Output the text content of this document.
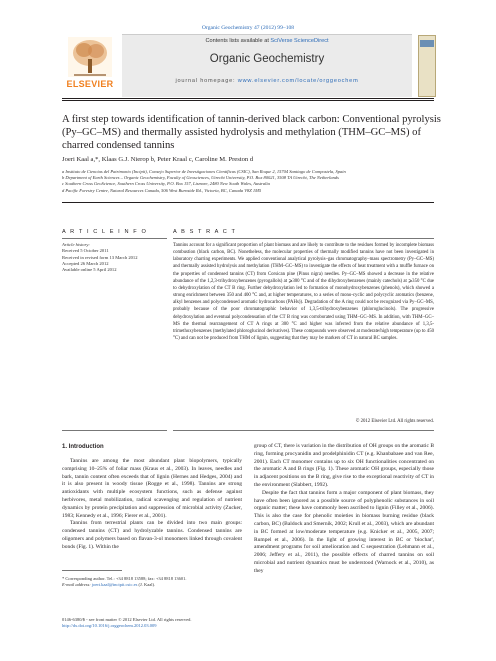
Organic Geochemistry 47 (2012) 99–108
ELSEVIER
Contents lists available at SciVerse ScienceDirect
Organic Geochemistry
journal homepage: www.elsevier.com/locate/orggeochem
A first step towards identification of tannin-derived black carbon: Conventional pyrolysis (Py–GC–MS) and thermally assisted hydrolysis and methylation (THM–GC–MS) of charred condensed tannins
Joeri Kaal a,*, Klaas G.J. Nierop b, Peter Kraal c, Caroline M. Preston d
a Instituto de Ciencias del Patrimonio (Incipit), Consejo Superior de Investigaciones Científicas (CSIC), San Roque 2, 15704 Santiago de Compostela, Spain
b Department of Earth Sciences – Organic Geochemistry, Faculty of Geosciences, Utrecht University, P.O. Box 80021, 3508 TA Utrecht, The Netherlands
c Southern Cross GeoScience, Southern Cross University, P.O. Box 157, Lismore, 2480 New South Wales, Australia
d Pacific Forestry Centre, Natural Resources Canada, 506 West Burnside Rd., Victoria, BC, Canada V8Z 1M5
A R T I C L E I N F O	A B S T R A C T
Article history:
Received 5 October 2011
Received in revised form 13 March 2012
Accepted 26 March 2012
Available online 5 April 2012
Tannins account for a significant proportion of plant biomass and are likely to contribute to the residues formed by incomplete biomass combustion (black carbon, BC). Nonetheless, the molecular properties of thermally modified tannins have not been investigated in laboratory charring experiments. We applied conventional analytical pyrolysis–gas chromatography–mass spectrometry (Py–GC–MS) and thermally assisted hydrolysis and methylation (THM–GC–MS) to investigate the effects of heat treatment with a muffle furnace on the properties of condensed tannins (CT) from Corsican pine (Pinus nigra) needles. Py–GC–MS showed a decrease in the relative abundance of the 1,2,3-trihydroxybenzenes (pyrogallols) at ⩾300 °C and of the dihydroxybenzenes (mainly catechols) at ⩾350 °C due to dehydroxylation of the CT B ring. Further dehydroxylation led to formation of monohydroxybenzenes (phenols), which showed a strong enrichment between 350 and 400 °C and, at higher temperatures, to a series of mono-cyclic and polycyclic aromatics (benzene, alkyl benzenes and polycondensed aromatic hydrocarbons (PAHs)). Degradation of the A ring could not be recognized via Py–GC–MS, probably because of the poor chromatographic behavior of 1,3,5-trihydroxybenzenes (phloroglucinols). The progressive dehydroxylation and eventual polycondensation of the CT B ring was corroborated using THM–GC–MS. In addition, with THM–GC–MS the thermal rearrangement of CT A rings at 300 °C and higher was inferred from the relative abundance of 1,3,5-trimethoxybenzenes (methylated phloroglucinol derivatives). These compounds were observed at moderate/high temperature (up to 450 °C) and can not be produced from THM of lignin, suggesting that they may be markers of CT in natural BC samples.
© 2012 Elsevier Ltd. All rights reserved.
1. Introduction

Tannins are among the most abundant plant biopolymers, typically comprising 10–25% of foliar mass (Kraus et al., 2003). In leaves, needles and bark, tannin content often exceeds that of lignin (Hernes and Hedges, 2004) and it is also present in woody tissue (Rogge et al., 1998). Tannins are strong antioxidants with multiple ecosystem functions, such as defense against herbivores, metal mobilization, radical scavenging and regulation of nutrient dynamics by protein precipitation and suppression of microbial activity (Zucker, 1983; Kennedy et al., 1996; Fierer et al., 2001).

Tannins from terrestrial plants can be divided into two main groups: condensed tannins (CT) and hydrolyzable tannins. Condensed tannins are oligomers and polymers based on flavan-3-ol monomers linked through covalent bonds (Fig. 1). Within the

group of CT, there is variation in the distribution of OH groups on the aromatic B ring, forming procyanidin and prodelphinidin CT (e.g. Khanbabaee and van Ree, 2001). Each CT monomer contains up to six OH functionalities concentrated on the aromatic A and B rings (Fig. 1). These aromatic OH groups, especially those in adjacent positions on the B ring, give rise to the exceptional reactivity of CT in the environment (Slabbert, 1992).

Despite the fact that tannins form a major component of plant biomass, they have often been ignored as a possible source of polyphenolic substances in soil organic matter; these have commonly been ascribed to lignin (Filley et al., 2006). This is also the case for phenolic moieties in biomass burning residue (black carbon, BC) (Baldock and Smernik, 2002; Krull et al., 2003), which are abundant in BC formed at low/moderate temperature (e.g. Knicker et al., 2005, 2007; Rumpel et al., 2006). In the light of growing interest in BC or 'biochar', amendment programs for soil amelioration and C sequestration (Lehmann et al., 2006; Jeffery et al., 2011), the possible effects of charred tannins on soil microbial and nutrient dynamics must be understood (Warnock et al., 2010), as they

* Corresponding author. Tel.: +34 8818 13588; fax: +34 8818 13601.
E-mail address: joeri.kaal@incipit.csic.es (J. Kaal).
0146-6380/$ - see front matter © 2012 Elsevier Ltd. All rights reserved.
http://dx.doi.org/10.1016/j.orggeochem.2012.03.009
